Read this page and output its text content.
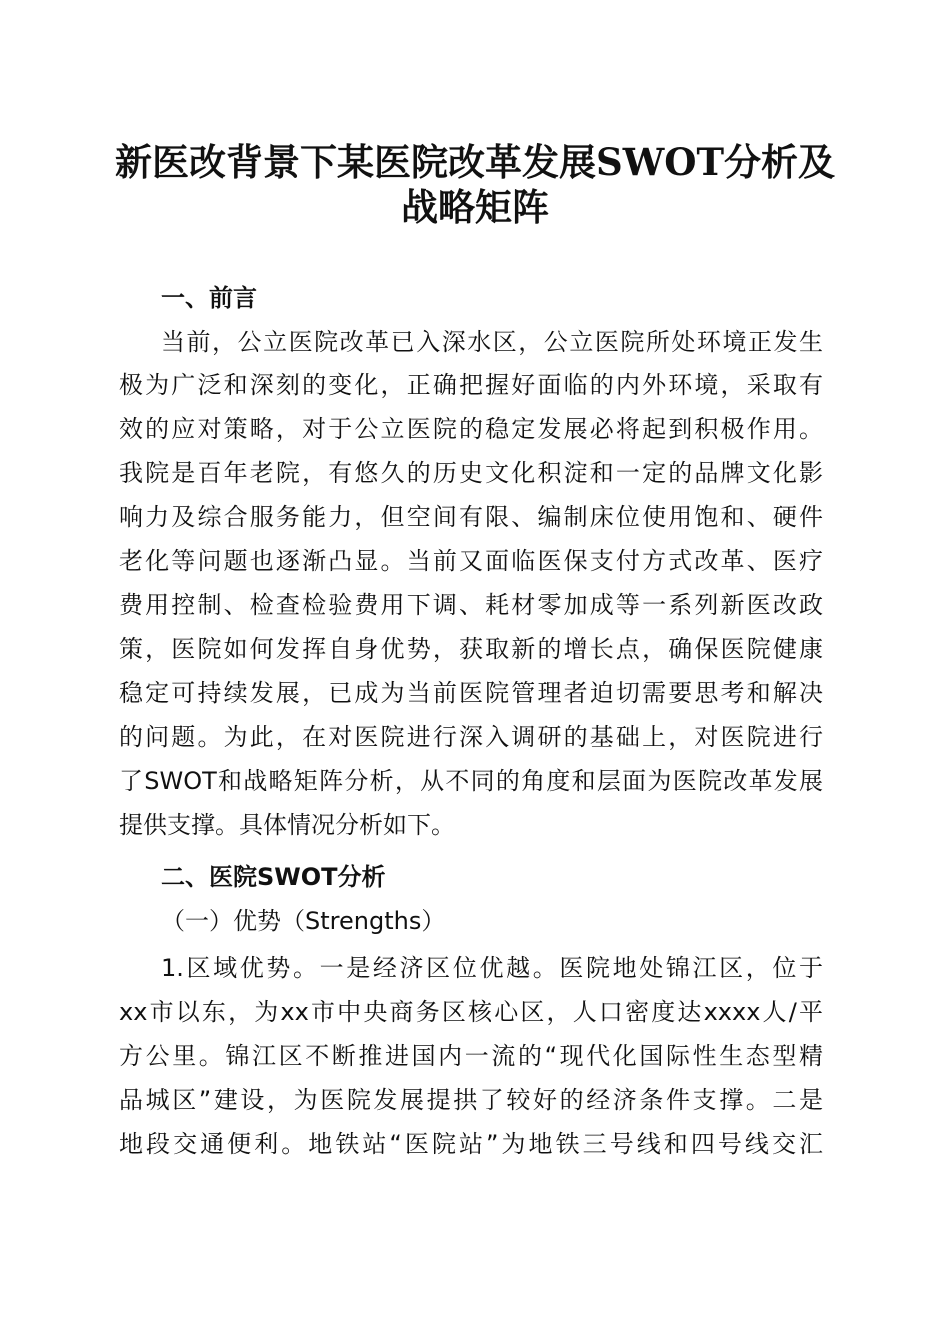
新医改背景下某医院改革发展SWOT分析及
战略矩阵
一、前言
当前，公立医院改革已入深水区，公立医院所处环境正发生
极为广泛和深刻的变化，正确把握好面临的内外环境，采取有
效的应对策略，对于公立医院的稳定发展必将起到积极作用。
我院是百年老院，有悠久的历史文化积淀和一定的品牌文化影
响力及综合服务能力，但空间有限、编制床位使用饱和、硬件
老化等问题也逐渐凸显。当前又面临医保支付方式改革、医疗
费用控制、检查检验费用下调、耗材零加成等一系列新医改政
策，医院如何发挥自身优势，获取新的增长点，确保医院健康
稳定可持续发展，已成为当前医院管理者迫切需要思考和解决
的问题。为此，在对医院进行深入调研的基础上，对医院进行
了SWOT和战略矩阵分析，从不同的角度和层面为医院改革发展
提供支撑。具体情况分析如下。
二、医院SWOT分析
（一）优势（Strengths）
1.区域优势。一是经济区位优越。医院地处锦江区，位于
xx市以东，为xx市中央商务区核心区，人口密度达xxxx人/平
方公里。锦江区不断推进国内一流的“现代化国际性生态型精
品城区”建设，为医院发展提拱了较好的经济条件支撑。二是
地段交通便利。地铁站“医院站”为地铁三号线和四号线交汇
